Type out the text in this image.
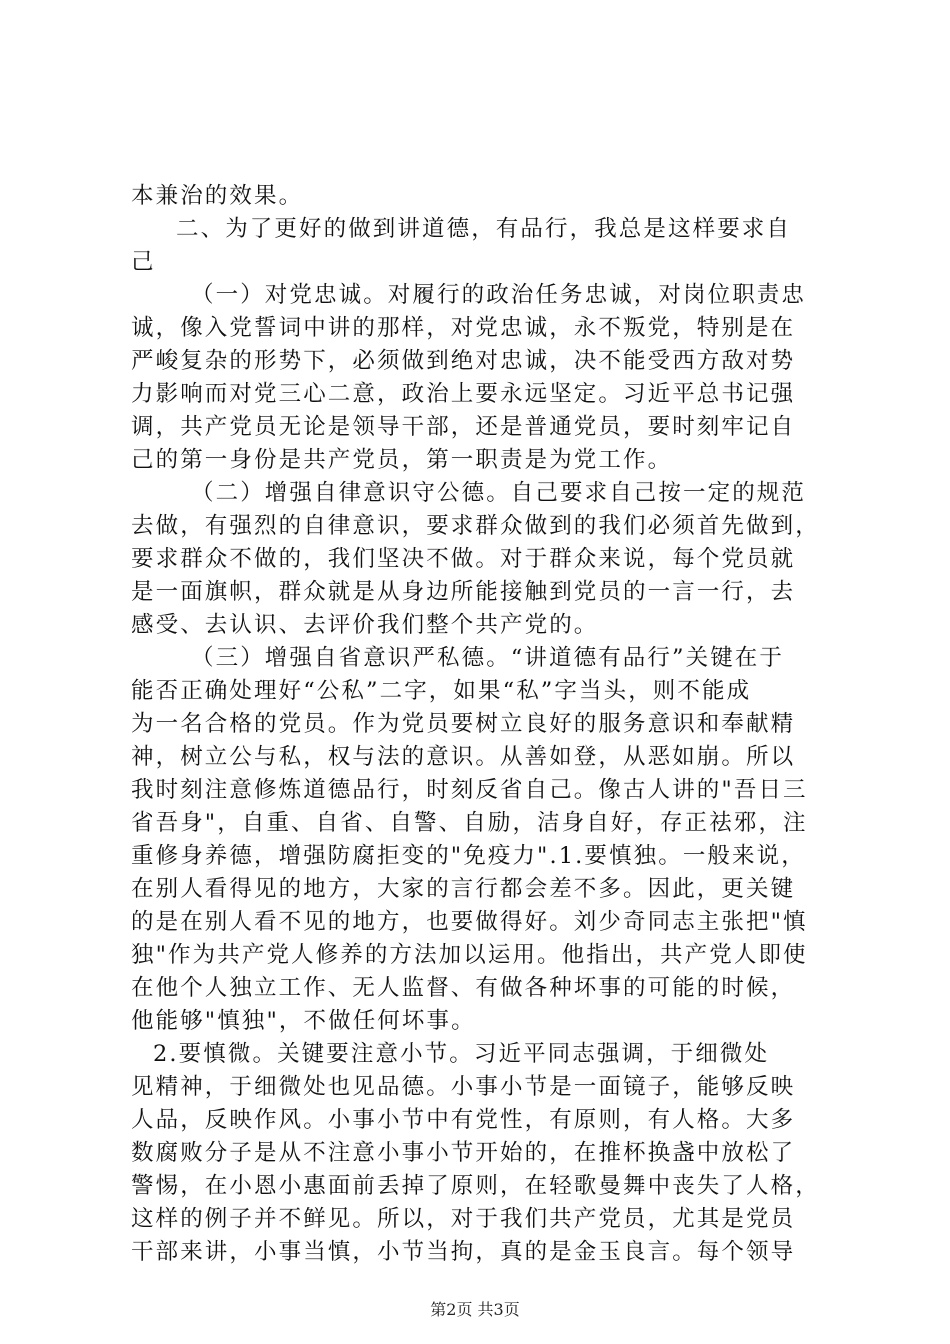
本兼治的效果。
二、为了更好的做到讲道德，有品行，我总是这样要求自
己
（一）对党忠诚。对履行的政治任务忠诚，对岗位职责忠
诚，像入党誓词中讲的那样，对党忠诚，永不叛党，特别是在
严峻复杂的形势下，必须做到绝对忠诚，决不能受西方敌对势
力影响而对党三心二意，政治上要永远坚定。习近平总书记强
调，共产党员无论是领导干部，还是普通党员，要时刻牢记自
己的第一身份是共产党员，第一职责是为党工作。
（二）增强自律意识守公德。自己要求自己按一定的规范
去做，有强烈的自律意识，要求群众做到的我们必须首先做到，
要求群众不做的，我们坚决不做。对于群众来说，每个党员就
是一面旗帜，群众就是从身边所能接触到党员的一言一行，去
感受、去认识、去评价我们整个共产党的。
（三）增强自省意识严私德。“讲道德有品行”关键在于
能否正确处理好“公私”二字，如果“私”字当头，则不能成
为一名合格的党员。作为党员要树立良好的服务意识和奉献精
神，树立公与私，权与法的意识。从善如登，从恶如崩。所以
我时刻注意修炼道德品行，时刻反省自己。像古人讲的"吾日三
省吾身"，自重、自省、自警、自励，洁身自好，存正祛邪，注
重修身养德，增强防腐拒变的"免疫力".1.要慎独。一般来说，
在别人看得见的地方，大家的言行都会差不多。因此，更关键
的是在别人看不见的地方，也要做得好。刘少奇同志主张把"慎
独"作为共产党人修养的方法加以运用。他指出，共产党人即使
在他个人独立工作、无人监督、有做各种坏事的可能的时候，
他能够"慎独"，不做任何坏事。
2.要慎微。关键要注意小节。习近平同志强调，于细微处
见精神，于细微处也见品德。小事小节是一面镜子，能够反映
人品，反映作风。小事小节中有党性，有原则，有人格。大多
数腐败分子是从不注意小事小节开始的，在推杯换盏中放松了
警惕，在小恩小惠面前丢掉了原则，在轻歌曼舞中丧失了人格，
这样的例子并不鲜见。所以，对于我们共产党员，尤其是党员
干部来讲，小事当慎，小节当拘，真的是金玉良言。每个领导
第2页 共3页
